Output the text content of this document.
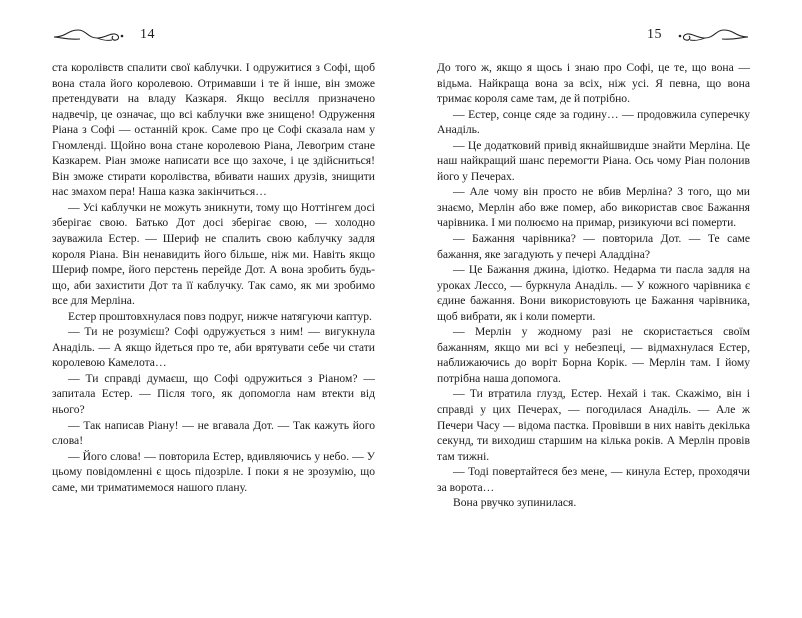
14

ста королівств спалити свої каблучки. І одружитися з Софі, щоб вона стала його королевою. Отримавши і те й інше, він зможе претендувати на владу Казкаря. Якщо весілля призначено надвечір, це означає, що всі каблучки вже знищено! Одруження Ріана з Софі — останній крок. Саме про це Софі сказала нам у Гномленді. Щойно вона стане королевою Ріана, Левоґрим стане Казкарем. Ріан зможе написати все що захоче, і це здійсниться! Він зможе стирати королівства, вбивати наших друзів, знищити нас змахом пера! Наша казка закінчиться…

— Усі каблучки не можуть зникнути, тому що Ноттінгем досі зберігає свою. Батько Дот досі зберігає свою, — холодно зауважила Естер. — Шериф не спалить свою каблучку задля короля Ріана. Він ненавидить його більше, ніж ми. Навіть якщо Шериф помре, його перстень перейде Дот. А вона зробить будь-що, аби захистити Дот та її каблучку. Так само, як ми зробимо все для Мерліна.

Естер проштовхнулася повз подруг, нижче натягуючи каптур.

— Ти не розумієш? Софі одружується з ним! — вигукнула Анаділь. — А якщо йдеться про те, аби врятувати себе чи стати королевою Камелота…

— Ти справді думаєш, що Софі одружиться з Ріаном? — запитала Естер. — Після того, як допомогла нам втекти від нього?

— Так написав Ріану! — не вгавала Дот. — Так кажуть його слова!

— Його слова! — повторила Естер, вдивляючись у небо. — У цьому повідомленні є щось підозріле. І поки я не зрозумію, що саме, ми триматимемося нашого плану.

15

До того ж, якщо я щось і знаю про Софі, це те, що вона — відьма. Найкраща вона за всіх, ніж усі. Я певна, що вона тримає короля саме там, де й потрібно.

— Естер, сонце сяде за годину… — продовжила суперечку Анаділь.

— Це додатковий привід якнайшвидше знайти Мерліна. Це наш найкращий шанс перемогти Ріана. Ось чому Ріан полонив його у Печерах.

— Але чому він просто не вбив Мерліна? З того, що ми знаємо, Мерлін або вже помер, або використав своє Бажання чарівника. І ми полюємо на примар, ризикуючи всі померти.

— Бажання чарівника? — повторила Дот. — Те саме бажання, яке загадують у печері Аладдіна?

— Це Бажання джина, ідіотко. Недарма ти пасла задля на уроках Лессо, — буркнула Анаділь. — У кожного чарівника є єдине бажання. Вони використовують це Бажання чарівника, щоб вибрати, як і коли померти.

— Мерлін у жодному разі не скористається своїм бажанням, якщо ми всі у небезпеці, — відмахнулася Естер, наближаючись до воріт Борна Корік. — Мерлін там. І йому потрібна наша допомога.

— Ти втратила глузд, Естер. Нехай і так. Скажімо, він і справді у цих Печерах, — погодилася Анаділь. — Але ж Печери Часу — відома пастка. Провівши в них навіть декілька секунд, ти виходиш старшим на кілька років. А Мерлін провів там тижні.

— Тоді повертайтеся без мене, — кинула Естер, проходячи за ворота…

Вона рвучко зупинилася.
